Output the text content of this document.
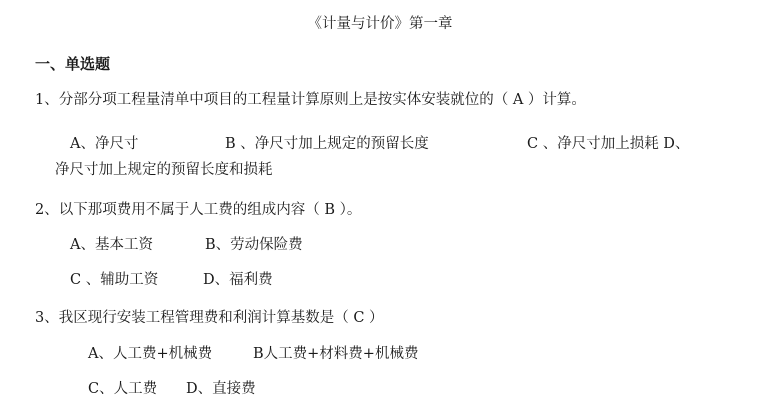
《计量与计价》第一章
一、单选题
1、分部分项工程量清单中项目的工程量计算原则上是按实体安装就位的（ A ）计算。
A、净尺寸	B 、净尺寸加上规定的预留长度	C 、净尺寸加上损耗 D、
净尺寸加上规定的预留长度和损耗
2、以下那项费用不属于人工费的组成内容（ B ）。
A、基本工资	B、劳动保险费
C 、辅助工资	D、福利费
3、我区现行安装工程管理费和利润计算基数是（ C ）
A、人工费+机械费	B人工费+材料费+机械费
C、人工费 D、直接费
